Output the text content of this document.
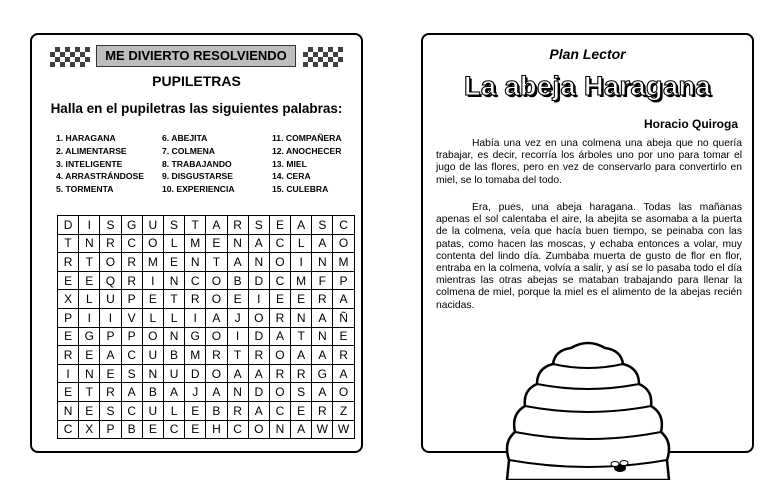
ME DIVIERTO RESOLVIENDO
PUPILETRAS
Halla en el pupiletras las siguientes palabras:
1. HARAGANA
2. ALIMENTARSE
3. INTELIGENTE
4. ARRASTRÁNDOSE
5. TORMENTA
6. ABEJITA
7. COLMENA
8. TRABAJANDO
9. DISGUSTARSE
10. EXPERIENCIA
11. COMPAÑERA
12. ANOCHECER
13. MIEL
14. CERA
15. CULEBRA
D	I	S	G	U	S	T	A	R	S	E	A	S	C
T	N	R	C	O	L	M	E	N	A	C	L	A	O
R	T	O	R	M	E	N	T	A	N	O	I	N	M
E	E	Q	R	I	N	C	O	B	D	C	M	F	P
X	L	U	P	E	T	R	O	E	I	E	E	R	A
P	I	I	V	L	L	I	A	J	O	R	N	A	Ñ
E	G	P	P	O	N	G	O	I	D	A	T	N	E
R	E	A	C	U	B	M	R	T	R	O	A	A	R
I	N	E	S	N	U	D	O	A	A	R	R	G	A
E	T	R	A	B	A	J	A	N	D	O	S	A	O
N	E	S	C	U	L	E	B	R	A	C	E	R	Z
C	X	P	B	E	C	E	H	C	O	N	A	W	W
Plan Lector
La abeja Haragana
Horacio Quiroga

Había una vez en una colmena una abeja que no quería trabajar, es decir, recorría los árboles uno por uno para tomar el jugo de las flores, pero en vez de conservarlo para convertirlo en miel, se lo tomaba del todo.

Era, pues, una abeja haragana. Todas las mañanas apenas el sol calentaba el aire, la abejita se asomaba a la puerta de la colmena, veía que hacía buen tiempo, se peinaba con las patas, como hacen las moscas, y echaba entonces a volar, muy contenta del lindo día. Zumbaba muerta de gusto de flor en flor, entraba en la colmena, volvía a salir, y así se lo pasaba todo el día mientras las otras abejas se mataban trabajando para llenar la colmena de miel, porque la miel es el alimento de la abejas recién nacidas.
